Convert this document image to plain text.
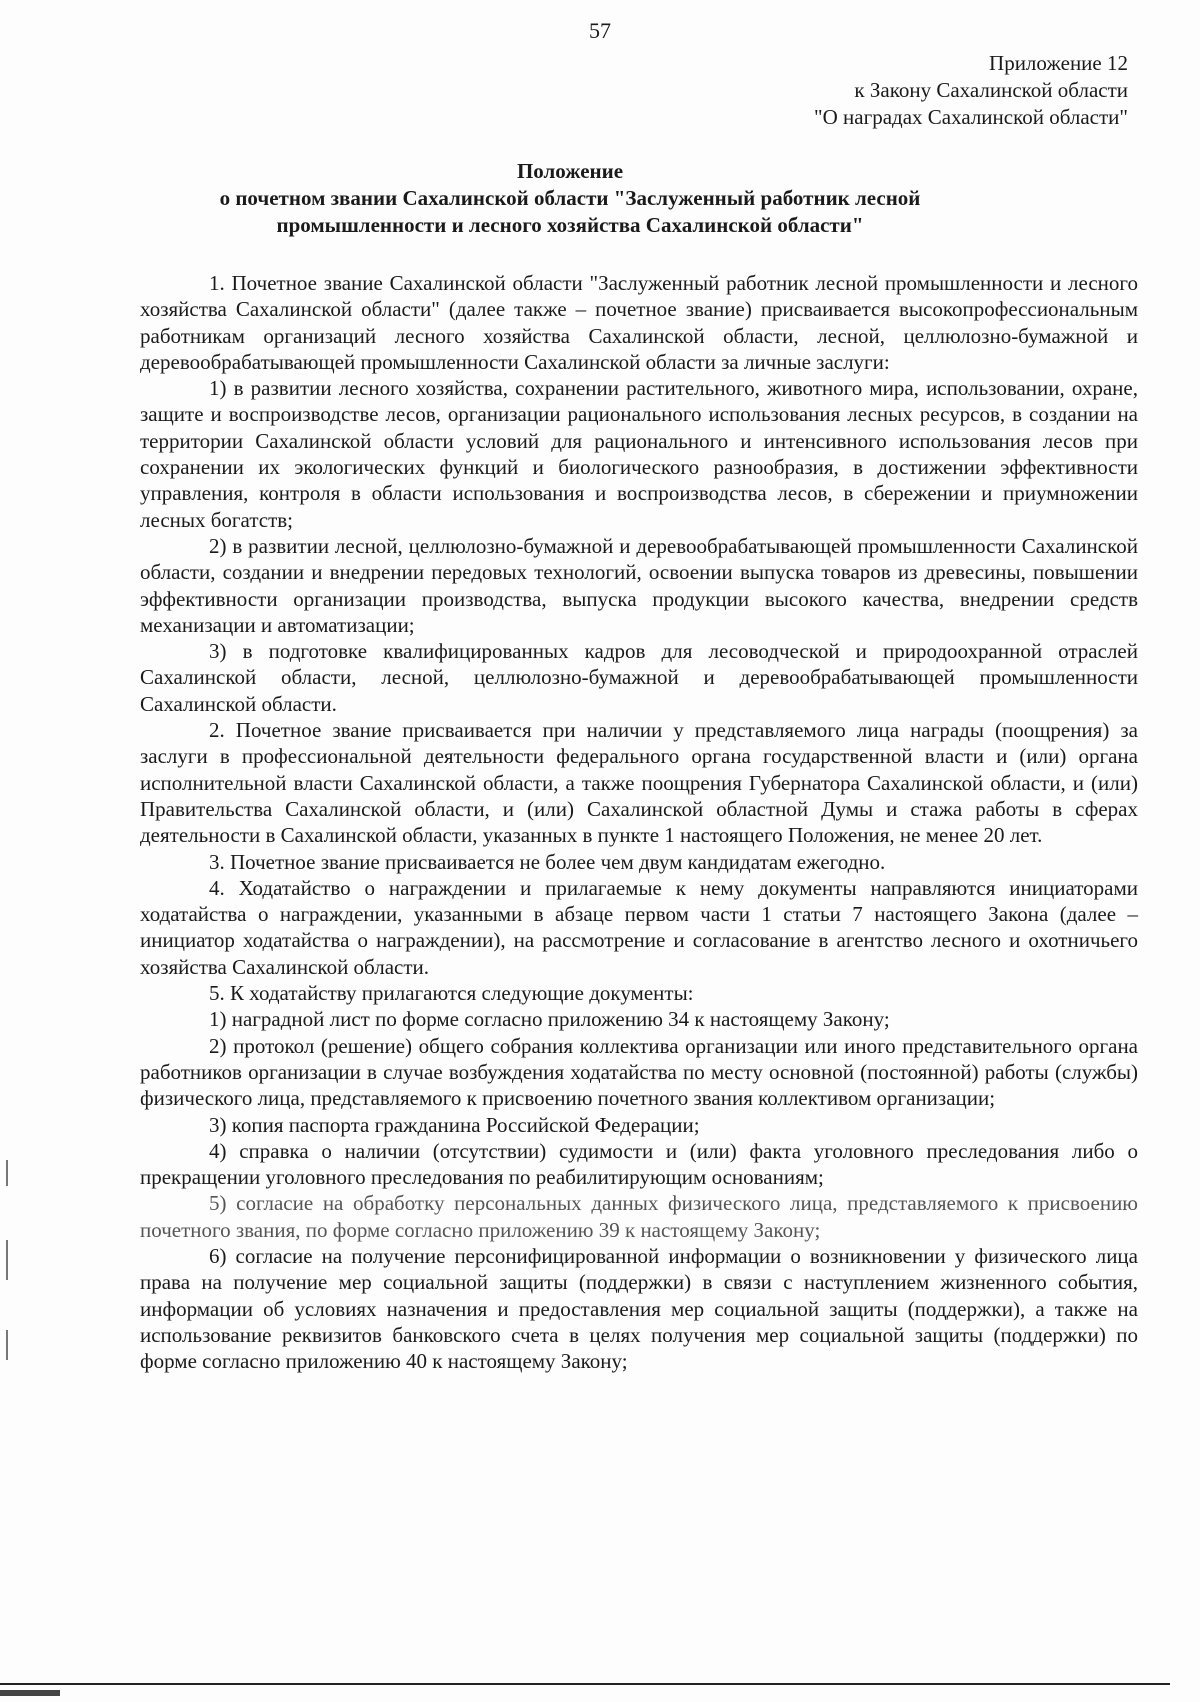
57
Приложение 12
к Закону Сахалинской области
"О наградах Сахалинской области"
Положение
о почетном звании Сахалинской области "Заслуженный работник лесной
промышленности и лесного хозяйства Сахалинской области"

1. Почетное звание Сахалинской области "Заслуженный работник лесной промышленности и лесного хозяйства Сахалинской области" (далее также – почетное звание) присваивается высокопрофессиональным работникам организаций лесного хозяйства Сахалинской области, лесной, целлюлозно-бумажной и деревообрабатывающей промышленности Сахалинской области за личные заслуги:

1) в развитии лесного хозяйства, сохранении растительного, животного мира, использовании, охране, защите и воспроизводстве лесов, организации рационального использования лесных ресурсов, в создании на территории Сахалинской области условий для рационального и интенсивного использования лесов при сохранении их экологических функций и биологического разнообразия, в достижении эффективности управления, контроля в области использования и воспроизводства лесов, в сбережении и приумножении лесных богатств;

2) в развитии лесной, целлюлозно-бумажной и деревообрабатывающей промышленности Сахалинской области, создании и внедрении передовых технологий, освоении выпуска товаров из древесины, повышении эффективности организации производства, выпуска продукции высокого качества, внедрении средств механизации и автоматизации;

3) в подготовке квалифицированных кадров для лесоводческой и природоохранной отраслей Сахалинской области, лесной, целлюлозно-бумажной и деревообрабатывающей промышленности Сахалинской области.

2. Почетное звание присваивается при наличии у представляемого лица награды (поощрения) за заслуги в профессиональной деятельности федерального органа государственной власти и (или) органа исполнительной власти Сахалинской области, а также поощрения Губернатора Сахалинской области, и (или) Правительства Сахалинской области, и (или) Сахалинской областной Думы и стажа работы в сферах деятельности в Сахалинской области, указанных в пункте 1 настоящего Положения, не менее 20 лет.

3. Почетное звание присваивается не более чем двум кандидатам ежегодно.

4. Ходатайство о награждении и прилагаемые к нему документы направляются инициаторами ходатайства о награждении, указанными в абзаце первом части 1 статьи 7 настоящего Закона (далее – инициатор ходатайства о награждении), на рассмотрение и согласование в агентство лесного и охотничьего хозяйства Сахалинской области.

5. К ходатайству прилагаются следующие документы:

1) наградной лист по форме согласно приложению 34 к настоящему Закону;

2) протокол (решение) общего собрания коллектива организации или иного представительного органа работников организации в случае возбуждения ходатайства по месту основной (постоянной) работы (службы) физического лица, представляемого к присвоению почетного звания коллективом организации;

3) копия паспорта гражданина Российской Федерации;

4) справка о наличии (отсутствии) судимости и (или) факта уголовного преследования либо о прекращении уголовного преследования по реабилитирующим основаниям;

5) согласие на обработку персональных данных физического лица, представляемого к присвоению почетного звания, по форме согласно приложению 39 к настоящему Закону;

6) согласие на получение персонифицированной информации о возникновении у физического лица права на получение мер социальной защиты (поддержки) в связи с наступлением жизненного события, информации об условиях назначения и предоставления мер социальной защиты (поддержки), а также на использование реквизитов банковского счета в целях получения мер социальной защиты (поддержки) по форме согласно приложению 40 к настоящему Закону;
